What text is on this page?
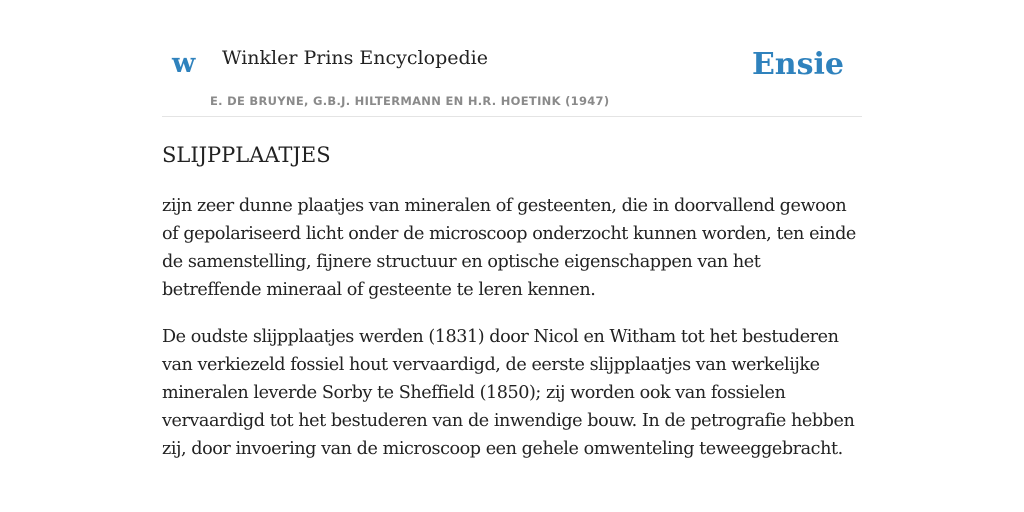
w Winkler Prins Encyclopedie
E. DE BRUYNE, G.B.J. HILTERMANN EN H.R. HOETINK (1947)
Ensie
SLIJPPLAATJES

zijn zeer dunne plaatjes van mineralen of gesteenten, die in doorvallend gewoon of gepolariseerd licht onder de microscoop onderzocht kunnen worden, ten einde de samenstelling, fijnere structuur en optische eigenschappen van het betreffende mineraal of gesteente te leren kennen.

De oudste slijpplaatjes werden (1831) door Nicol en Witham tot het bestuderen van verkiezeld fossiel hout vervaardigd, de eerste slijpplaatjes van werkelijke mineralen leverde Sorby te Sheffield (1850); zij worden ook van fossielen vervaardigd tot het bestuderen van de inwendige bouw. In de petrografie hebben zij, door invoering van de microscoop een gehele omwenteling teweeggebracht.
